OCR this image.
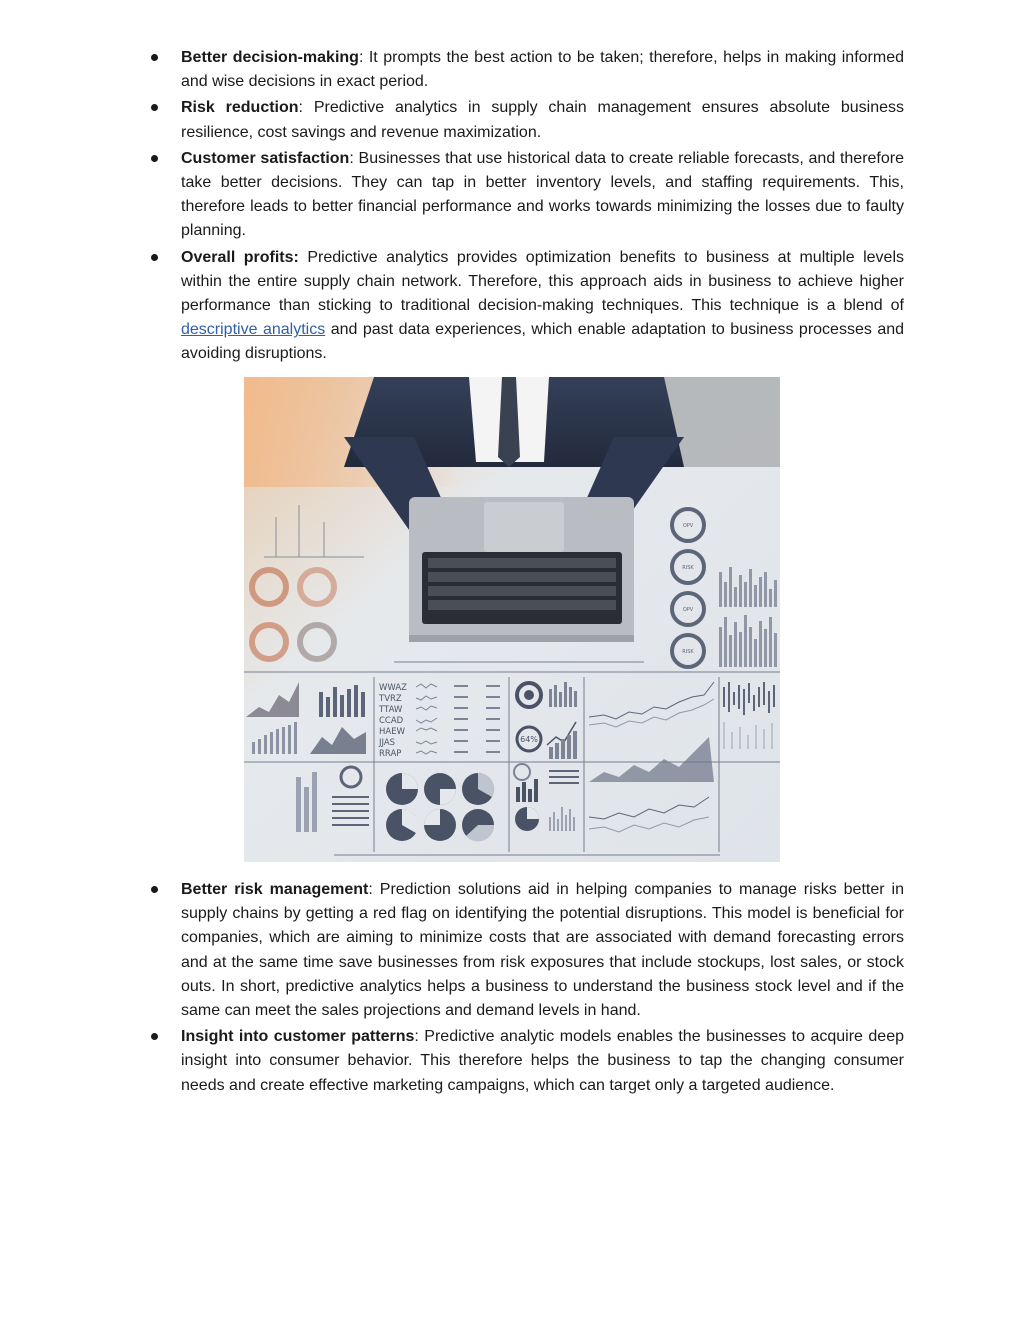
Better decision-making: It prompts the best action to be taken; therefore, helps in making informed and wise decisions in exact period.
Risk reduction: Predictive analytics in supply chain management ensures absolute business resilience, cost savings and revenue maximization.
Customer satisfaction: Businesses that use historical data to create reliable forecasts, and therefore take better decisions. They can tap in better inventory levels, and staffing requirements. This, therefore leads to better financial performance and works towards minimizing the losses due to faulty planning.
Overall profits: Predictive analytics provides optimization benefits to business at multiple levels within the entire supply chain network. Therefore, this approach aids in business to achieve higher performance than sticking to traditional decision-making techniques. This technique is a blend of descriptive analytics and past data experiences, which enable adaptation to business processes and avoiding disruptions.
OPV
RISK
OPV
RISK
WWAZ
TVRZ
TTAW
CCAD
HAEW
JJAS
RRAP
64%
Better risk management: Prediction solutions aid in helping companies to manage risks better in supply chains by getting a red flag on identifying the potential disruptions. This model is beneficial for companies, which are aiming to minimize costs that are associated with demand forecasting errors and at the same time save businesses from risk exposures that include stockups, lost sales, or stock outs. In short, predictive analytics helps a business to understand the business stock level and if the same can meet the sales projections and demand levels in hand.
Insight into customer patterns: Predictive analytic models enables the businesses to acquire deep insight into consumer behavior. This therefore helps the business to tap the changing consumer needs and create effective marketing campaigns, which can target only a targeted audience.
